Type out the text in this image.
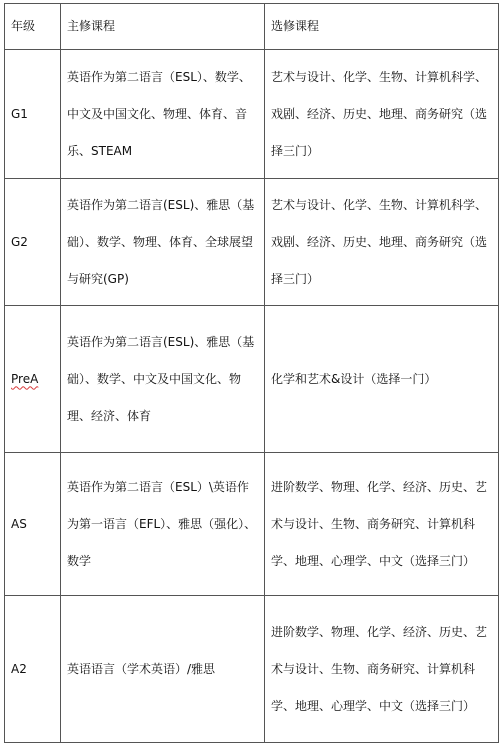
年级	主修课程	选修课程
G1	英语作为第二语言（ESL）、数学、中文及中国文化、物理、体育、音乐、STEAM	艺术与设计、化学、生物、计算机科学、戏剧、经济、历史、地理、商务研究（选择三门）
G2	英语作为第二语言(ESL)、雅思（基础）、数学、物理、体育、全球展望与研究(GP)	艺术与设计、化学、生物、计算机科学、戏剧、经济、历史、地理、商务研究（选择三门）
PreA	英语作为第二语言(ESL)、雅思（基础）、数学、中文及中国文化、物理、经济、体育	化学和艺术&设计（选择一门）
AS	英语作为第二语言（ESL）\英语作为第一语言（EFL）、雅思（强化）、数学	进阶数学、物理、化学、经济、历史、艺术与设计、生物、商务研究、计算机科学、地理、心理学、中文（选择三门）
A2	英语语言（学术英语）/雅思	进阶数学、物理、化学、经济、历史、艺术与设计、生物、商务研究、计算机科学、地理、心理学、中文（选择三门）
